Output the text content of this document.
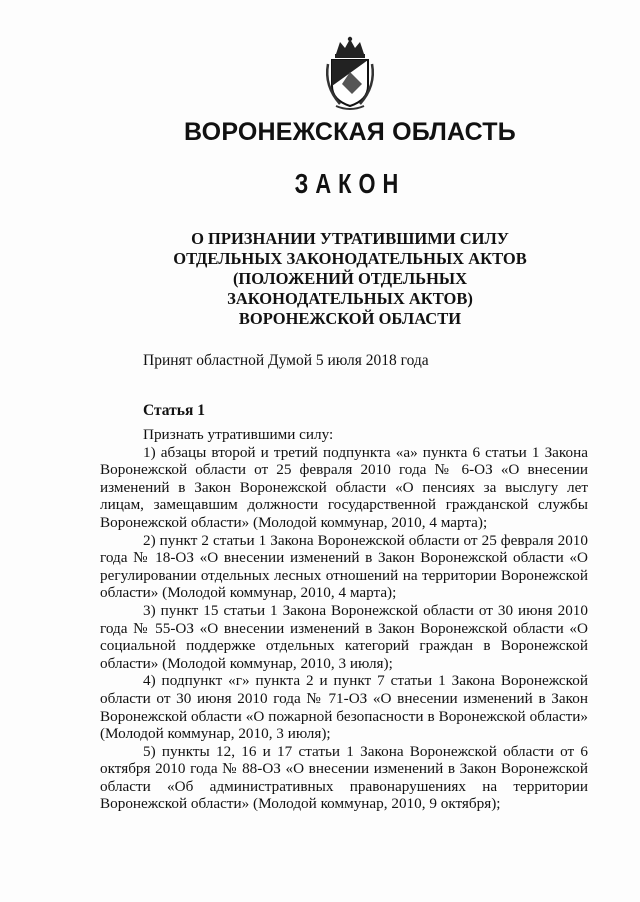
ВОРОНЕЖСКАЯ ОБЛАСТЬ
ЗАКОН
О ПРИЗНАНИИ УТРАТИВШИМИ СИЛУ
ОТДЕЛЬНЫХ ЗАКОНОДАТЕЛЬНЫХ АКТОВ
(ПОЛОЖЕНИЙ ОТДЕЛЬНЫХ
ЗАКОНОДАТЕЛЬНЫХ АКТОВ)
ВОРОНЕЖСКОЙ ОБЛАСТИ
Принят областной Думой 5 июля 2018 года
Статья 1
Признать утратившими силу:

1) абзацы второй и третий подпункта «а» пункта 6 статьи 1 Закона Воронежской области от 25 февраля 2010 года № 6-ОЗ «О внесении изменений в Закон Воронежской области «О пенсиях за выслугу лет лицам, замещавшим должности государственной гражданской службы Воронежской области» (Молодой коммунар, 2010, 4 марта);

2) пункт 2 статьи 1 Закона Воронежской области от 25 февраля 2010 года № 18-ОЗ «О внесении изменений в Закон Воронежской области «О регулировании отдельных лесных отношений на территории Воронежской области» (Молодой коммунар, 2010, 4 марта);

3) пункт 15 статьи 1 Закона Воронежской области от 30 июня 2010 года № 55-ОЗ «О внесении изменений в Закон Воронежской области «О социальной поддержке отдельных категорий граждан в Воронежской области» (Молодой коммунар, 2010, 3 июля);

4) подпункт «г» пункта 2 и пункт 7 статьи 1 Закона Воронежской области от 30 июня 2010 года № 71-ОЗ «О внесении изменений в Закон Воронежской области «О пожарной безопасности в Воронежской области» (Молодой коммунар, 2010, 3 июля);

5) пункты 12, 16 и 17 статьи 1 Закона Воронежской области от 6 октября 2010 года № 88-ОЗ «О внесении изменений в Закон Воронежской области «Об административных правонарушениях на территории Воронежской области» (Молодой коммунар, 2010, 9 октября);
